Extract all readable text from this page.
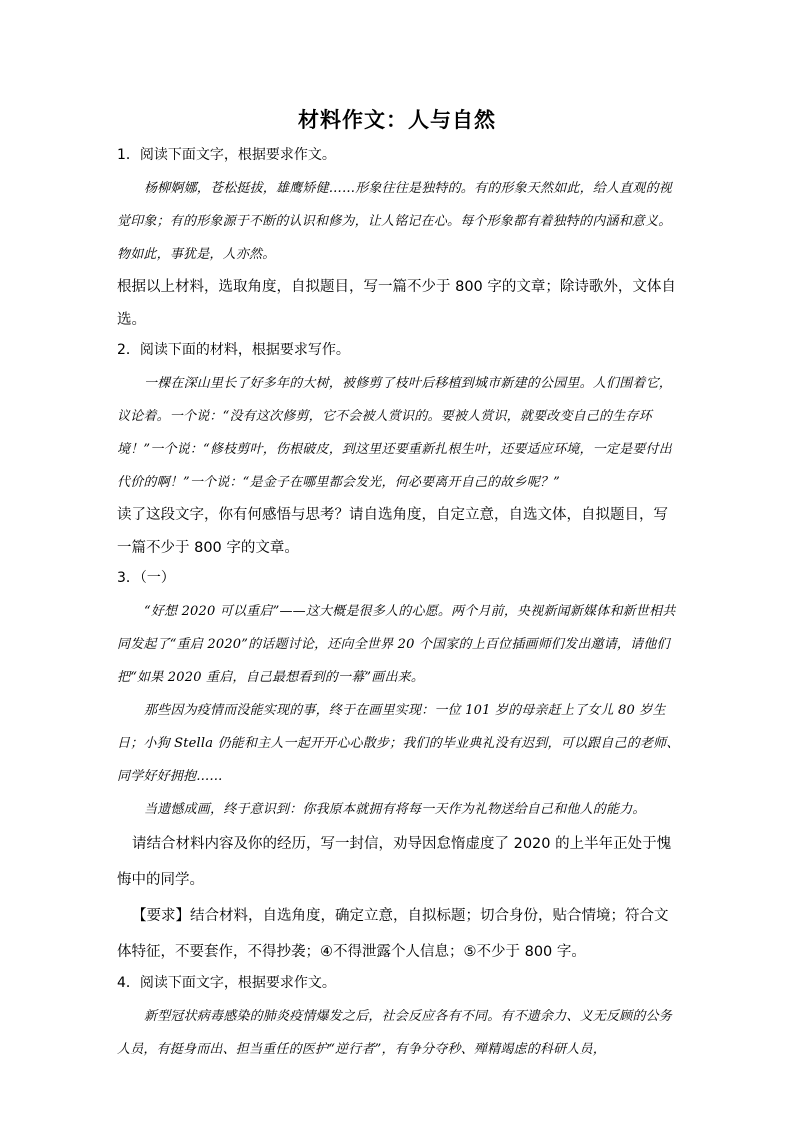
材料作文：人与自然

1．阅读下面文字，根据要求作文。

杨柳婀娜，苍松挺拔，雄鹰矫健……形象往往是独特的。有的形象天然如此，给人直观的视觉印象；有的形象源于不断的认识和修为，让人铭记在心。每个形象都有着独特的内涵和意义。物如此，事犹是，人亦然。

根据以上材料，选取角度，自拟题目，写一篇不少于 800 字的文章；除诗歌外，文体自选。

2．阅读下面的材料，根据要求写作。

一棵在深山里长了好多年的大树，被修剪了枝叶后移植到城市新建的公园里。人们围着它，议论着。一个说：“没有这次修剪，它不会被人赏识的。要被人赏识，就要改变自己的生存环境！”一个说：“修枝剪叶，伤根破皮，到这里还要重新扎根生叶，还要适应环境，一定是要付出代价的啊！”一个说：“是金子在哪里都会发光，何必要离开自己的故乡呢？”

读了这段文字，你有何感悟与思考？请自选角度，自定立意，自选文体，自拟题目，写一篇不少于 800 字的文章。

3．（一）

“好想 2020 可以重启”——这大概是很多人的心愿。两个月前，央视新闻新媒体和新世相共同发起了“重启 2020”的话题讨论，还向全世界 20 个国家的上百位插画师们发出邀请，请他们把“如果 2020 重启，自己最想看到的一幕”画出来。

那些因为疫情而没能实现的事，终于在画里实现：一位 101 岁的母亲赶上了女儿 80 岁生日；小狗 Stella 仍能和主人一起开开心心散步；我们的毕业典礼没有迟到，可以跟自己的老师、同学好好拥抱……

当遗憾成画，终于意识到：你我原本就拥有将每一天作为礼物送给自己和他人的能力。

请结合材料内容及你的经历，写一封信，劝导因怠惰虚度了 2020 的上半年正处于愧悔中的同学。

【要求】结合材料，自选角度，确定立意，自拟标题；切合身份，贴合情境；符合文体特征，不要套作，不得抄袭；④不得泄露个人信息；⑤不少于 800 字。

4．阅读下面文字，根据要求作文。

新型冠状病毒感染的肺炎疫情爆发之后，社会反应各有不同。有不遗余力、义无反顾的公务人员，有挺身而出、担当重任的医护“逆行者”，有争分夺秒、殚精竭虑的科研人员，
